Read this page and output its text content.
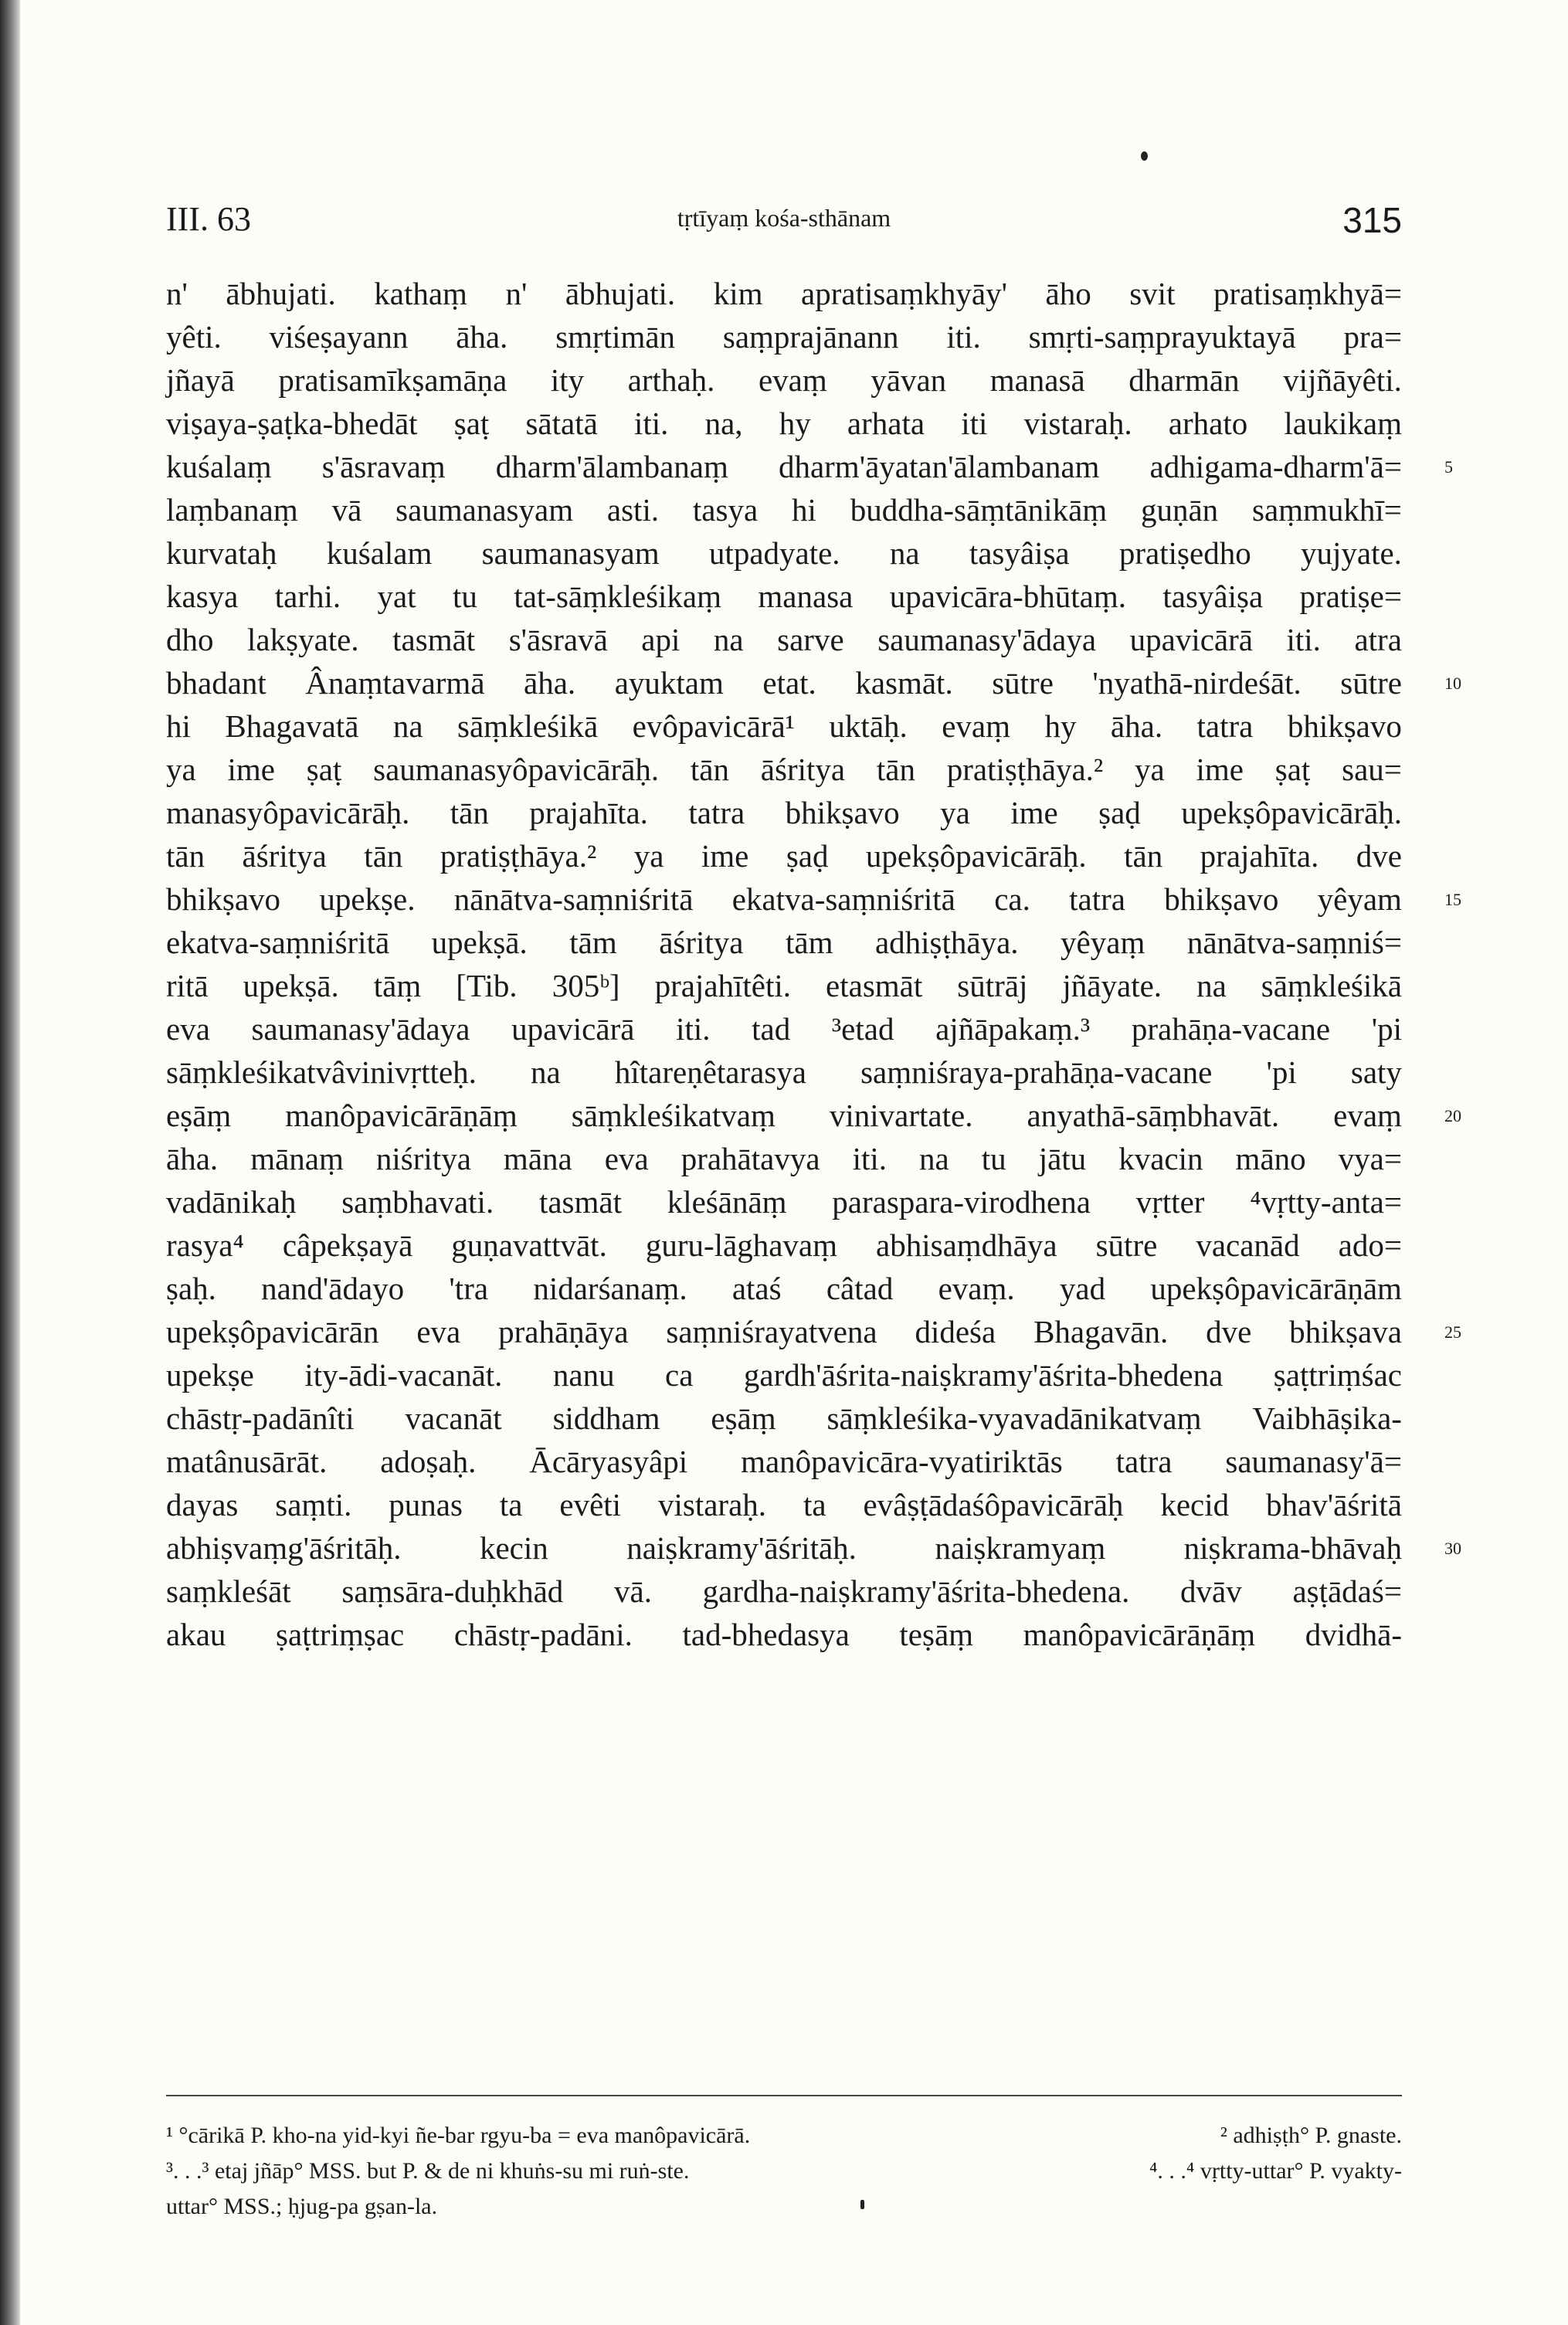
III. 63	tṛtīyaṃ kośa-sthānam	315
n' ābhujati. kathaṃ n' ābhujati. kim apratisaṃkhyāy' āho svit pratisaṃkhyā=
yêti. viśeṣayann āha. smṛtimān saṃprajānann iti. smṛti-saṃprayuktayā pra=
jñayā pratisamīkṣamāṇa ity arthaḥ. evaṃ yāvan manasā dharmān vijñāyêti.
viṣaya-ṣaṭka-bhedāt ṣaṭ sātatā iti. na, hy arhata iti vistaraḥ. arhato laukikaṃ
kuśalaṃ s'āsravaṃ dharm'ālambanaṃ dharm'āyatan'ālambanam adhigama-dharm'ā=
laṃbanaṃ vā saumanasyam asti. tasya hi buddha-sāṃtānikāṃ guṇān saṃmukhī=
kurvataḥ kuśalam saumanasyam utpadyate. na tasyâiṣa pratiṣedho yujyate.
kasya tarhi. yat tu tat-sāṃkleśikaṃ manasa upavicāra-bhūtaṃ. tasyâiṣa pratiṣe=
dho lakṣyate. tasmāt s'āsravā api na sarve saumanasy'ādaya upavicārā iti. atra
bhadant Ânaṃtavarmā āha. ayuktam etat. kasmāt. sūtre 'nyathā-nirdeśāt. sūtre
hi Bhagavatā na sāṃkleśikā evôpavicārā¹ uktāḥ. evaṃ hy āha. tatra bhikṣavo
ya ime ṣaṭ saumanasyôpavicārāḥ. tān āśritya tān pratiṣṭhāya.² ya ime ṣaṭ sau=
manasyôpavicārāḥ. tān prajahīta. tatra bhikṣavo ya ime ṣaḍ upekṣôpavicārāḥ.
tān āśritya tān pratiṣṭhāya.² ya ime ṣaḍ upekṣôpavicārāḥ. tān prajahīta. dve
bhikṣavo upekṣe. nānātva-saṃniśritā ekatva-saṃniśritā ca. tatra bhikṣavo yêyam
ekatva-saṃniśritā upekṣā. tām āśritya tām adhiṣṭhāya. yêyaṃ nānātva-saṃniś=
ritā upekṣā. tāṃ [Tib. 305ᵇ] prajahītêti. etasmāt sūtrāj jñāyate. na sāṃkleśikā
eva saumanasy'ādaya upavicārā iti. tad ³etad ajñāpakaṃ.³ prahāṇa-vacane 'pi
sāṃkleśikatvâvinivṛtteḥ. na hîtareṇêtarasya saṃniśraya-prahāṇa-vacane 'pi saty
eṣāṃ manôpavicārāṇāṃ sāṃkleśikatvaṃ vinivartate. anyathā-sāṃbhavāt. evaṃ
āha. mānaṃ niśritya māna eva prahātavya iti. na tu jātu kvacin māno vya=
vadānikaḥ saṃbhavati. tasmāt kleśānāṃ paraspara-virodhena vṛtter ⁴vṛtty-anta=
rasya⁴ câpekṣayā guṇavattvāt. guru-lāghavaṃ abhisaṃdhāya sūtre vacanād ado=
ṣaḥ. nand'ādayo 'tra nidarśanaṃ. ataś câtad evaṃ. yad upekṣôpavicārāṇām
upekṣôpavicārān eva prahāṇāya saṃniśrayatvena dideśa Bhagavān. dve bhikṣava
upekṣe ity-ādi-vacanāt. nanu ca gardh'āśrita-naiṣkramy'āśrita-bhedena ṣaṭtriṃśac
chāstṛ-padānîti vacanāt siddham eṣāṃ sāṃkleśika-vyavadānikatvaṃ Vaibhāṣika-
matânusārāt. adoṣaḥ. Ācāryasyâpi manôpavicāra-vyatiriktās tatra saumanasy'ā=
dayas saṃti. punas ta evêti vistaraḥ. ta evâṣṭādaśôpavicārāḥ kecid bhav'āśritā
abhiṣvaṃg'āśritāḥ. kecin naiṣkramy'āśritāḥ. naiṣkramyaṃ niṣkrama-bhāvaḥ
saṃkleśāt saṃsāra-duḥkhād vā. gardha-naiṣkramy'āśrita-bhedena. dvāv aṣṭādaś=
akau ṣaṭtriṃṣac chāstṛ-padāni. tad-bhedasya teṣāṃ manôpavicārāṇāṃ dvidhā-
5
10
15
20
25
30
¹ °cārikā P. kho-na yid-kyi ñe-bar rgyu-ba = eva manôpavicārā.	² adhiṣṭh° P. gnaste.
³. . .³ etaj jñāp° MSS. but P. & de ni khuṅs-su mi ruṅ-ste.	⁴. . .⁴ vṛtty-uttar° P. vyakty-
uttar° MSS.; ḥjug-pa gṣan-la.
